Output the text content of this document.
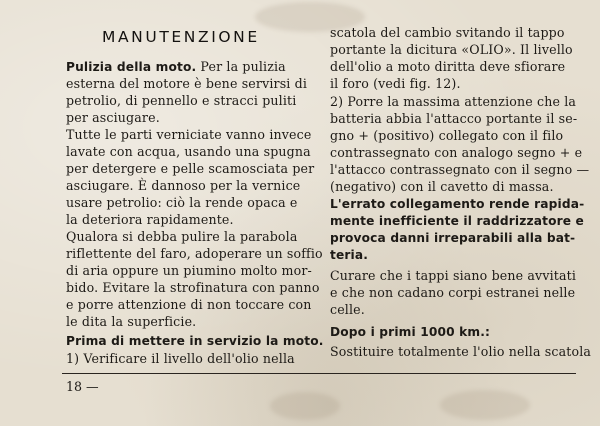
MANUTENZIONE
Pulizia della moto. Per la pulizia
esterna del motore è bene servirsi di
petrolio, di pennello e stracci puliti
per asciugare.
Tutte le parti verniciate vanno invece
lavate con acqua, usando una spugna
per detergere e pelle scamosciata per
asciugare. È dannoso per la vernice
usare petrolio: ciò la rende opaca e
la deteriora rapidamente.
Qualora si debba pulire la parabola
riflettente del faro, adoperare un soffio
di aria oppure un piumino molto mor-
bido. Evitare la strofinatura con panno
e porre attenzione di non toccare con
le dita la superficie.
Prima di mettere in servizio la moto.
1) Verificare il livello dell'olio nella
scatola del cambio svitando il tappo
portante la dicitura «OLIO». Il livello
dell'olio a moto diritta deve sfiorare
il foro (vedi fig. 12).
2) Porre la massima attenzione che la
batteria abbia l'attacco portante il se-
gno + (positivo) collegato con il filo
contrassegnato con analogo segno + e
l'attacco contrassegnato con il segno —
(negativo) con il cavetto di massa.
L'errato collegamento rende rapida-
mente inefficiente il raddrizzatore e
provoca danni irreparabili alla bat-
teria.
Curare che i tappi siano bene avvitati
e che non cadano corpi estranei nelle
celle.
Dopo i primi 1000 km.:
Sostituire totalmente l'olio nella scatola
18 —
